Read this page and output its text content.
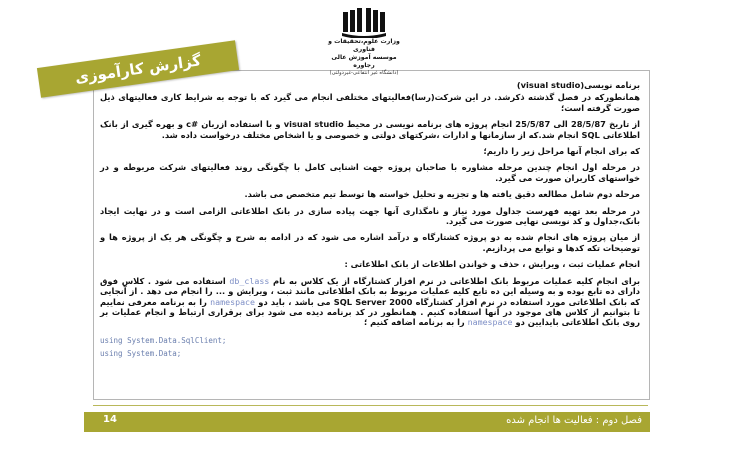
وزارت علوم،تحقیقات و فناوری
موسسه آموزش عالی رجاوره
(دانشگاه غیر انتفاعی-غیردولتی)
گزارش کارآموزی	برنامه نویسی(visual studio)

همانطورکه در فصل گذشته ذکرشد. در این شرکت(رسا)فعالیتهای مختلفی انجام می گیرد که با توجه به شرایط کاری فعالیتهای ذیل صورت گرفته است؛

از تاریخ 28/5/87 الی 25/5/87 انجام پروژه های برنامه نویسی در محیط visual studio و با استفاده ازربان #c و بهره گیری از بانک اطلاعاتی SQL انجام شد.که از سازمانها و ادارات ،شرکتهای دولتی و خصوصی و یا اشخاص مختلف درخواست داده شد.

که برای انجام آنها مراحل زیر را داریم؛

در مرحله اول انجام چندین مرحله مشاوره با صاحبان پروژه جهت اشنایی کامل با چگونگی روند فعالیتهای شرکت مربوطه و در خواستهای کاربران صورت می گیرد.

مرحله دوم شامل مطالعه دقیق یافته ها و تجزیه و تحلیل خواسته ها توسط تیم متخصص می باشد.

در مرحله بعد تهیه فهرست جداول مورد نیاز و نامگذاری آنها جهت پیاده سازی در بانک اطلاعاتی الزامی است و در نهایت ایجاد بانک،جداول و کد نویسی نهایی صورت می گیرد.

از میان پروژه های انجام شده به دو پروژه کشتارگاه و درآمد اشاره می شود که در ادامه به شرح و چگونگی هر یک از پروژه ها و توضیحات تکه کدها و توابع می پردازیم.

انجام عملیات ثبت ، ویرایش ، حذف و خواندن اطلاعات از بانک اطلاعاتی :

برای انجام کلیه عملیات مربوط بانک اطلاعاتی در نرم افزار کشتارگاه از یک کلاس به نام db_class استفاده می شود . کلاس فوق دارای ده تابع بوده و به وسیله این ده تابع کلیه عملیات مربوط به بانک اطلاعاتی مانند ثبت ، ویرایش و ... را انجام می دهد . از آنجایی که بانک اطلاعاتی مورد استفاده در نرم افزار کشتارگاه SQL Server 2000 می باشد ، باید دو namespace را به برنامه معرفی نماییم تا بتوانیم از کلاس های موجود در آنها استفاده کنیم . همانطور در کد برنامه دیده می شود برای برقراری ارتباط و انجام عملیات بر روی بانک اطلاعاتی بایدایین دو namespace را به برنامه اضافه کنیم ؛

using System.Data.SqlClient;
using System.Data;
14	فصل دوم : فعالیت ها انجام شده
